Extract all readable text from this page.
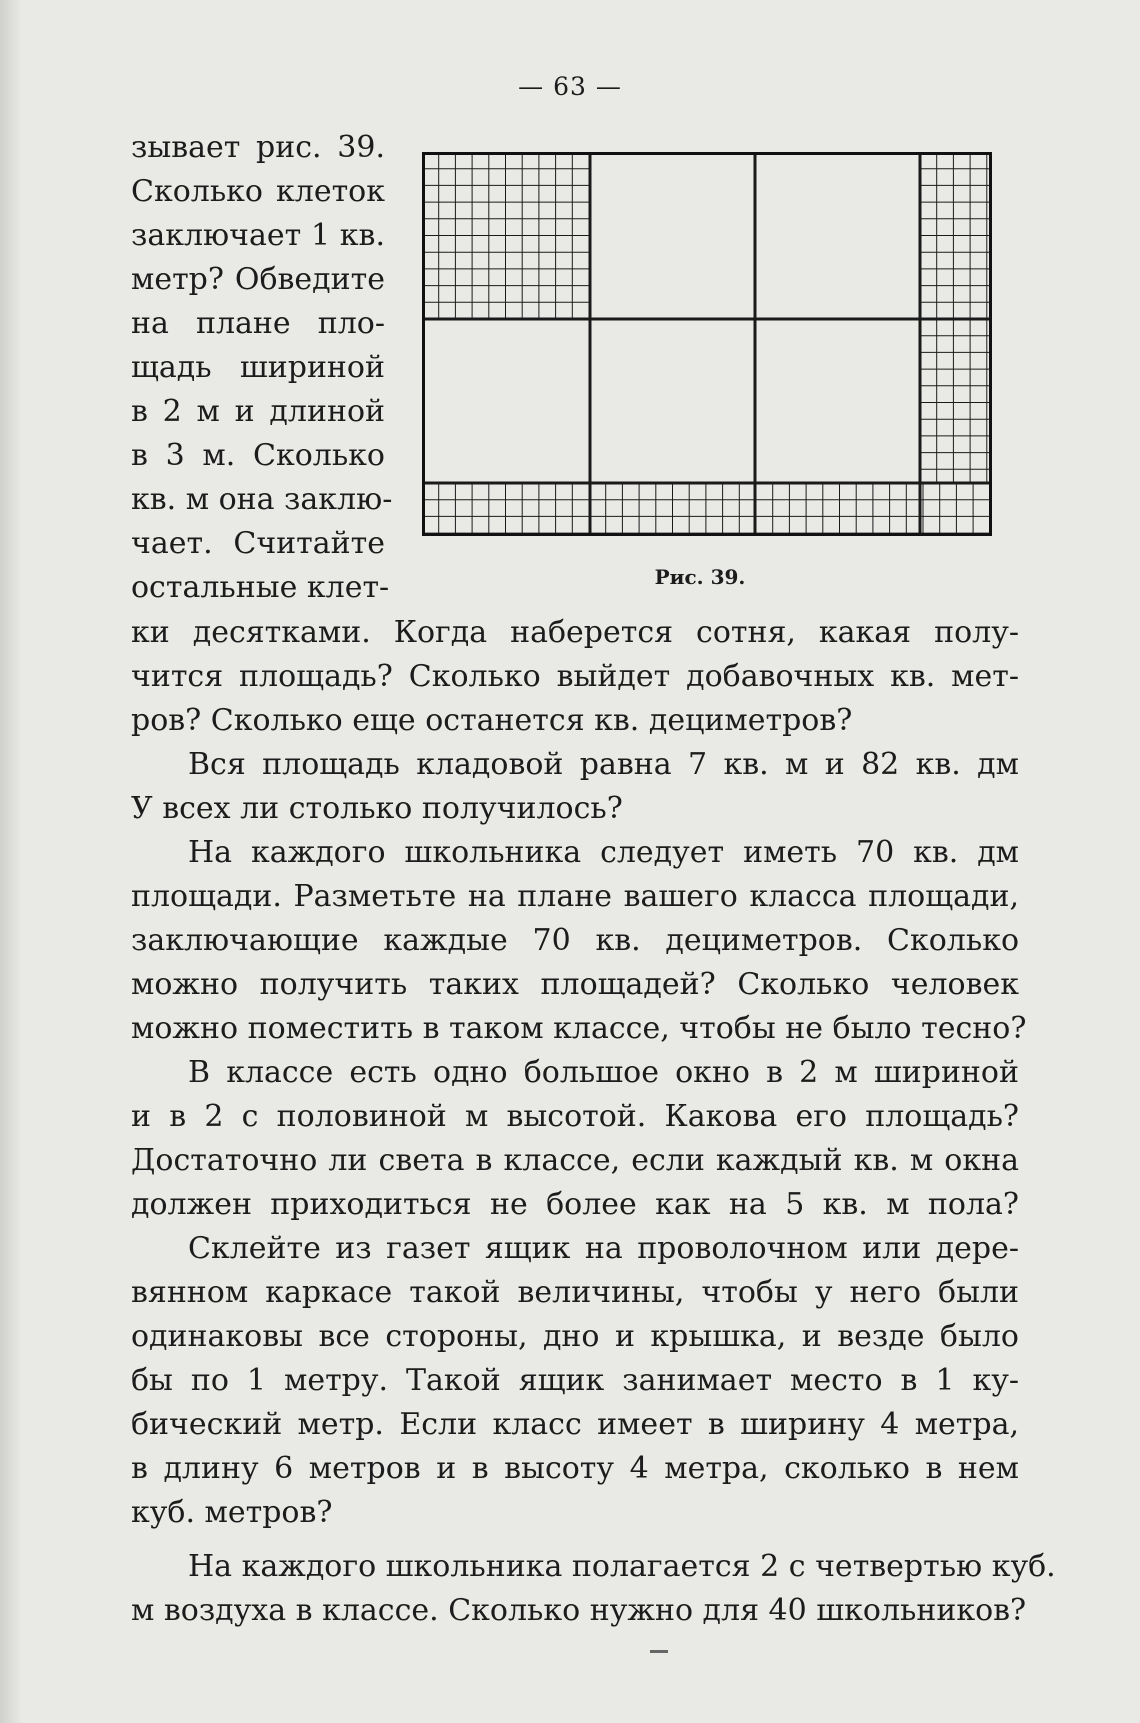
— 63 —
зывает рис. 39.
Сколько клеток
заключает 1 кв.
метр? Обведите
на плане пло-
щадь шириной
в 2 м и длиной
в 3 м. Сколько
кв. м она заклю-
чает. Считайте
остальные клет-	Рис. 39.
ки десятками. Когда наберется сотня, какая полу-
чится площадь? Сколько выйдет добавочных кв. мет-
ров? Сколько еще останется кв. дециметров?
Вся площадь кладовой равна 7 кв. м и 82 кв. дм
У всех ли столько получилось?
На каждого школьника следует иметь 70 кв. дм
площади. Разметьте на плане вашего класса площади,
заключающие каждые 70 кв. дециметров. Сколько
можно получить таких площадей? Сколько человек
можно поместить в таком классе, чтобы не было тесно?
В классе есть одно большое окно в 2 м шириной
и в 2 с половиной м высотой. Какова его площадь?
Достаточно ли света в классе, если каждый кв. м окна
должен приходиться не более как на 5 кв. м пола?
Склейте из газет ящик на проволочном или дере-
вянном каркасе такой величины, чтобы у него были
одинаковы все стороны, дно и крышка, и везде было
бы по 1 метру. Такой ящик занимает место в 1 ку-
бический метр. Если класс имеет в ширину 4 метра,
в длину 6 метров и в высоту 4 метра, сколько в нем
куб. метров?
На каждого школьника полагается 2 с четвертью куб.
м воздуха в классе. Сколько нужно для 40 школьников?
